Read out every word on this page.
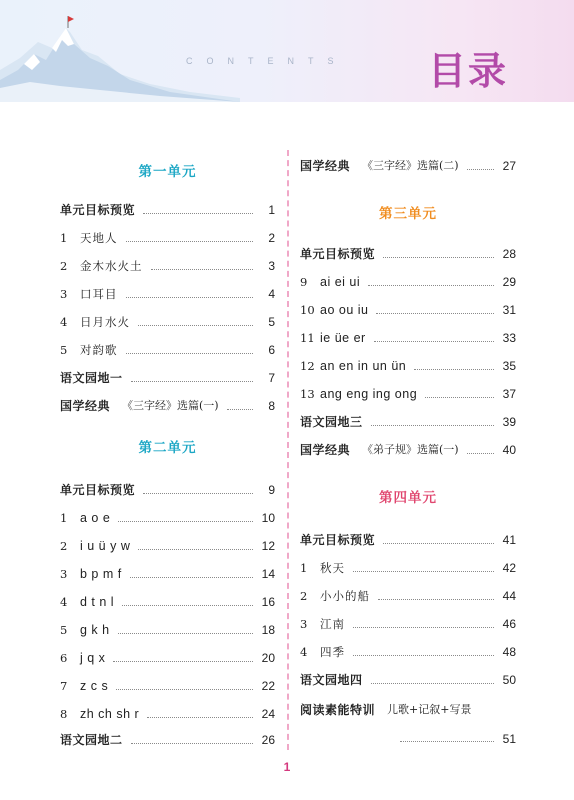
CONTENTS 目录
第一单元
单元目标预览	1
1	天地人	2
2	金木水火土	3
3	口耳目	4
4	日月水火	5
5	对韵歌	6
语文园地一	7
国学经典 《三字经》选篇(一)	8
第二单元
单元目标预览	9
1	a o e	10
2	i u ü y w	12
3	b p m f	14
4	d t n l	16
5	g k h	18
6	j q x	20
7	z c s	22
8	zh ch sh r	24
语文园地二	26
国学经典 《三字经》选篇(二)	27
第三单元
单元目标预览	28
9	ai ei ui	29
10 ao ou iu	31
11 ie üe er	33
12 an en in un ün	35
13 ang eng ing ong	37
语文园地三	39
国学经典 《弟子规》选篇(一)	40
第四单元
单元目标预览	41
1	秋天	42
2	小小的船	44
3	江南	46
4	四季	48
语文园地四	50
阅读素能特训 儿歌+记叙+写景
51
1
